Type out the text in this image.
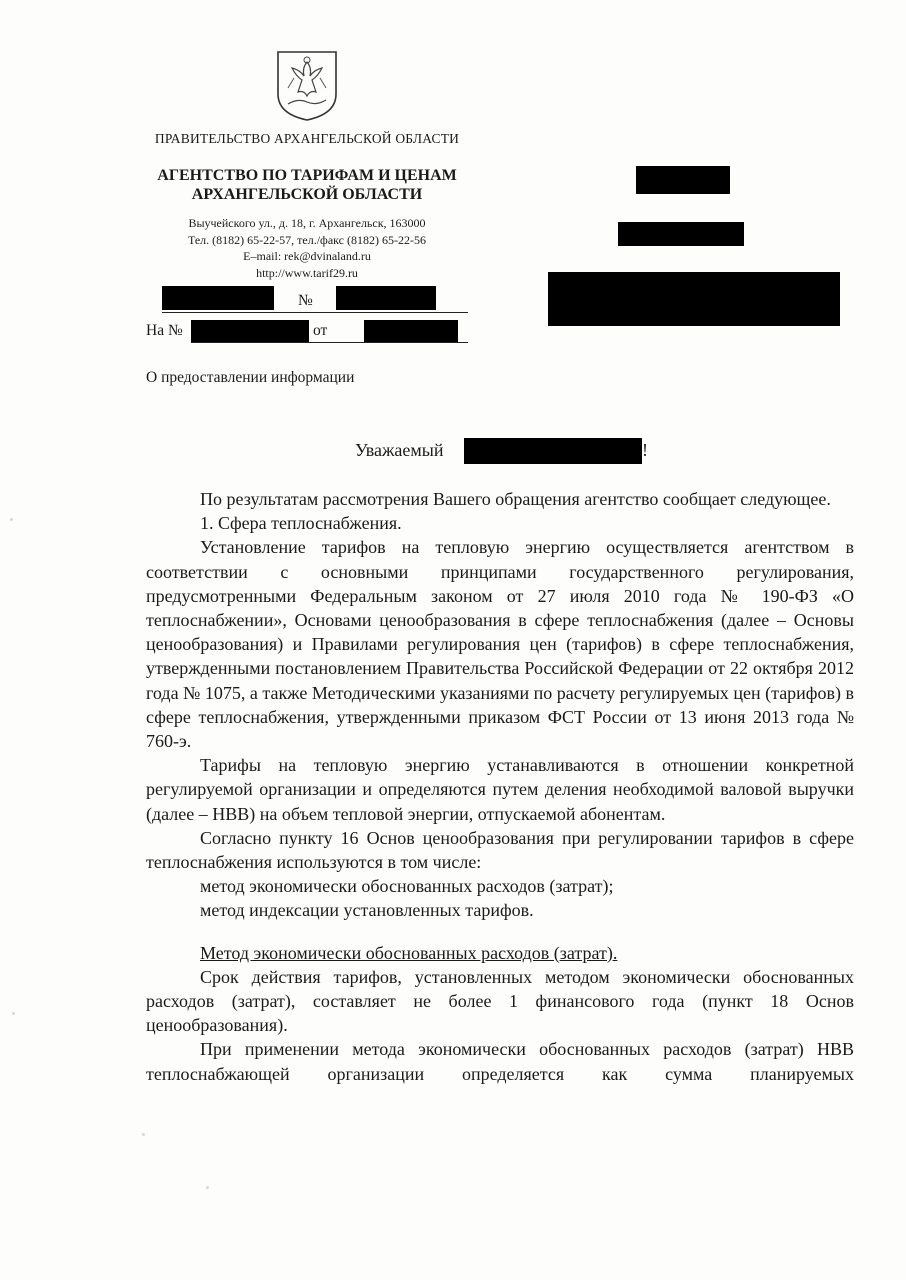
ПРАВИТЕЛЬСТВО АРХАНГЕЛЬСКОЙ ОБЛАСТИ
АГЕНТСТВО ПО ТАРИФАМ И ЦЕНАМ
АРХАНГЕЛЬСКОЙ ОБЛАСТИ
Выучейского ул., д. 18, г. Архангельск, 163000
Тел. (8182) 65-22-57, тел./факс (8182) 65-22-56
E–mail: rek@dvinaland.ru
http://www.tarif29.ru
№
На №	от
О предоставлении информации
Уважаемый	!

По результатам рассмотрения Вашего обращения агентство сообщает следующее.

1. Сфера теплоснабжения.

Установление тарифов на тепловую энергию осуществляется агентством в соответствии с основными принципами государственного регулирования, предусмотренными Федеральным законом от 27 июля 2010 года № 190-ФЗ «О теплоснабжении», Основами ценообразования в сфере теплоснабжения (далее – Основы ценообразования) и Правилами регулирования цен (тарифов) в сфере теплоснабжения, утвержденными постановлением Правительства Российской Федерации от 22 октября 2012 года № 1075, а также Методическими указаниями по расчету регулируемых цен (тарифов) в сфере теплоснабжения, утвержденными приказом ФСТ России от 13 июня 2013 года № 760-э.

Тарифы на тепловую энергию устанавливаются в отношении конкретной регулируемой организации и определяются путем деления необходимой валовой выручки (далее – НВВ) на объем тепловой энергии, отпускаемой абонентам.

Согласно пункту 16 Основ ценообразования при регулировании тарифов в сфере теплоснабжения используются в том числе:

метод экономически обоснованных расходов (затрат);

метод индексации установленных тарифов.

Метод экономически обоснованных расходов (затрат).

Срок действия тарифов, установленных методом экономически обоснованных расходов (затрат), составляет не более 1 финансового года (пункт 18 Основ ценообразования).

При применении метода экономически обоснованных расходов (затрат) НВВ теплоснабжающей организации определяется как сумма планируемых
